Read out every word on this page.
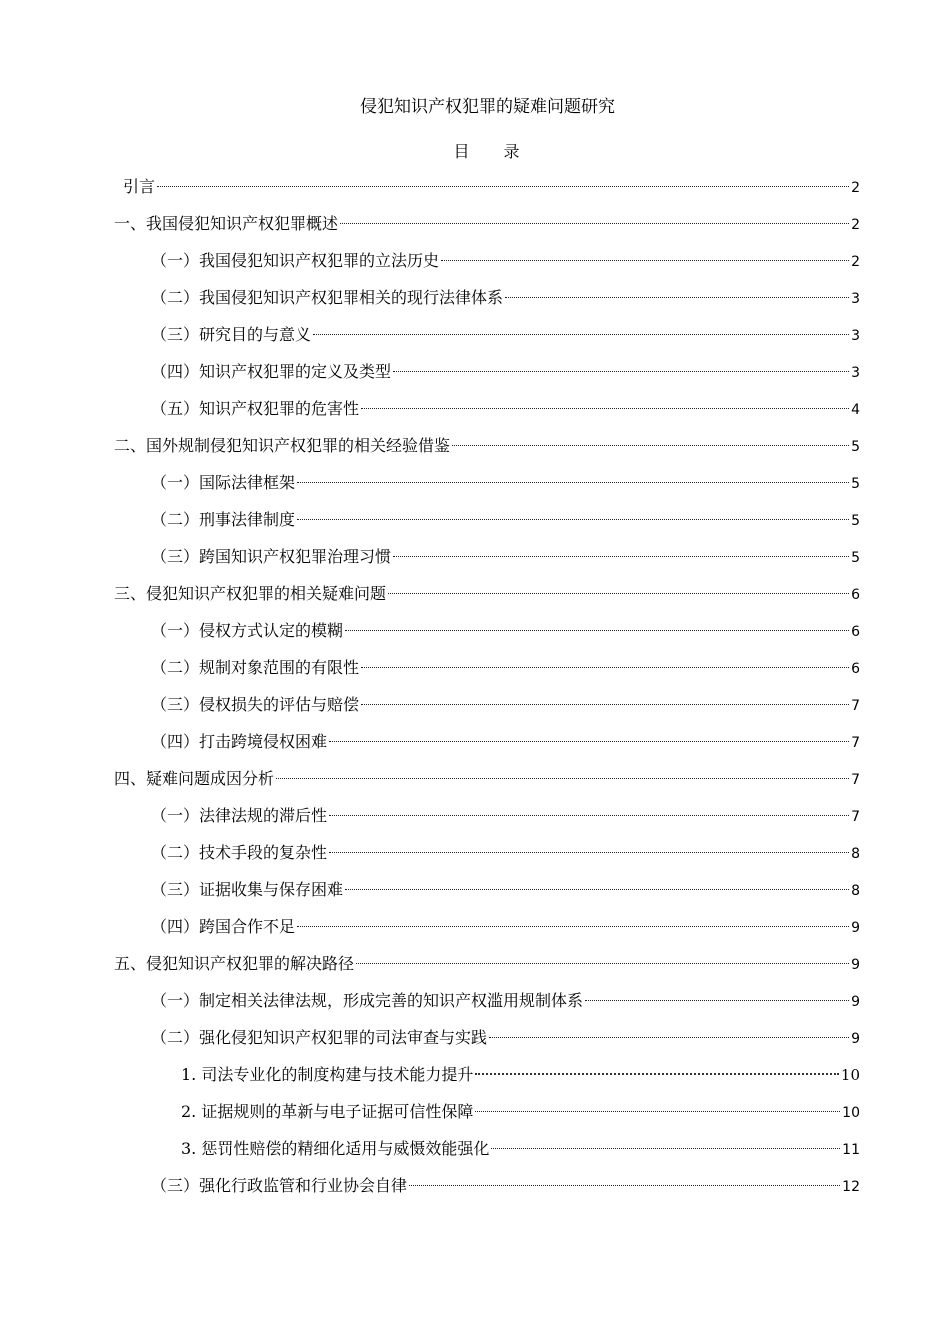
侵犯知识产权犯罪的疑难问题研究
目 录
引言	2
一、我国侵犯知识产权犯罪概述	2
（一）我国侵犯知识产权犯罪的立法历史	2
（二）我国侵犯知识产权犯罪相关的现行法律体系	3
（三）研究目的与意义	3
（四）知识产权犯罪的定义及类型	3
（五）知识产权犯罪的危害性	4
二、国外规制侵犯知识产权犯罪的相关经验借鉴	5
（一）国际法律框架	5
（二）刑事法律制度	5
（三）跨国知识产权犯罪治理习惯	5
三、侵犯知识产权犯罪的相关疑难问题	6
（一）侵权方式认定的模糊	6
（二）规制对象范围的有限性	6
（三）侵权损失的评估与赔偿	7
（四）打击跨境侵权困难	7
四、疑难问题成因分析	7
（一）法律法规的滞后性	7
（二）技术手段的复杂性	8
（三）证据收集与保存困难	8
（四）跨国合作不足	9
五、侵犯知识产权犯罪的解决路径	9
（一）制定相关法律法规，形成完善的知识产权滥用规制体系	9
（二）强化侵犯知识产权犯罪的司法审查与实践	9
1. 司法专业化的制度构建与技术能力提升	10
2. 证据规则的革新与电子证据可信性保障	10
3. 惩罚性赔偿的精细化适用与威慑效能强化	11
（三）强化行政监管和行业协会自律	12
